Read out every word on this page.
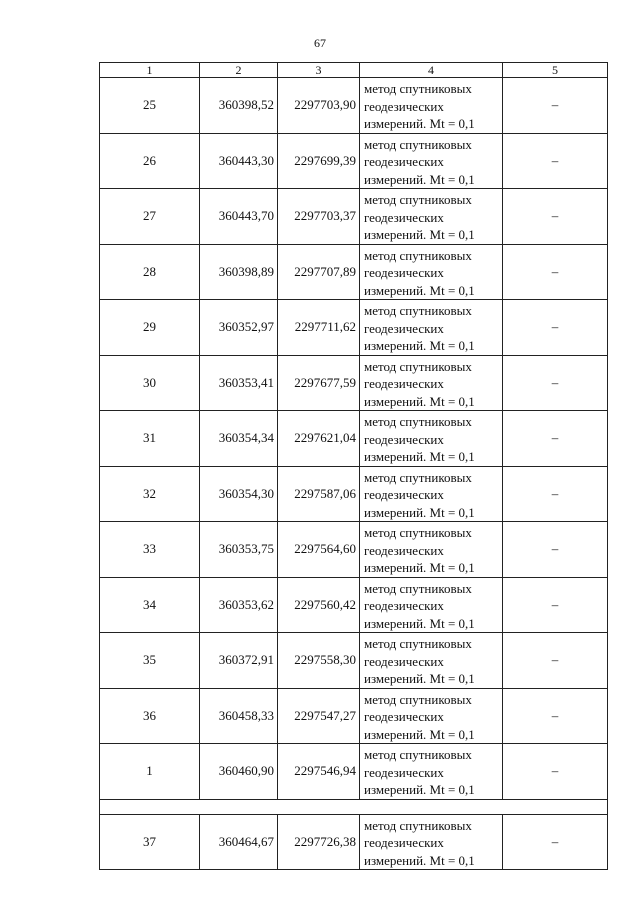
67
1	2	3	4	5
25	360398,52	2297703,90	метод спутниковых
геодезических
измерений. Mt = 0,1	–
26	360443,30	2297699,39	метод спутниковых
геодезических
измерений. Mt = 0,1	–
27	360443,70	2297703,37	метод спутниковых
геодезических
измерений. Mt = 0,1	–
28	360398,89	2297707,89	метод спутниковых
геодезических
измерений. Mt = 0,1	–
29	360352,97	2297711,62	метод спутниковых
геодезических
измерений. Mt = 0,1	–
30	360353,41	2297677,59	метод спутниковых
геодезических
измерений. Mt = 0,1	–
31	360354,34	2297621,04	метод спутниковых
геодезических
измерений. Mt = 0,1	–
32	360354,30	2297587,06	метод спутниковых
геодезических
измерений. Mt = 0,1	–
33	360353,75	2297564,60	метод спутниковых
геодезических
измерений. Mt = 0,1	–
34	360353,62	2297560,42	метод спутниковых
геодезических
измерений. Mt = 0,1	–
35	360372,91	2297558,30	метод спутниковых
геодезических
измерений. Mt = 0,1	–
36	360458,33	2297547,27	метод спутниковых
геодезических
измерений. Mt = 0,1	–
1	360460,90	2297546,94	метод спутниковых
геодезических
измерений. Mt = 0,1	–

37	360464,67	2297726,38	метод спутниковых
геодезических
измерений. Mt = 0,1	–
